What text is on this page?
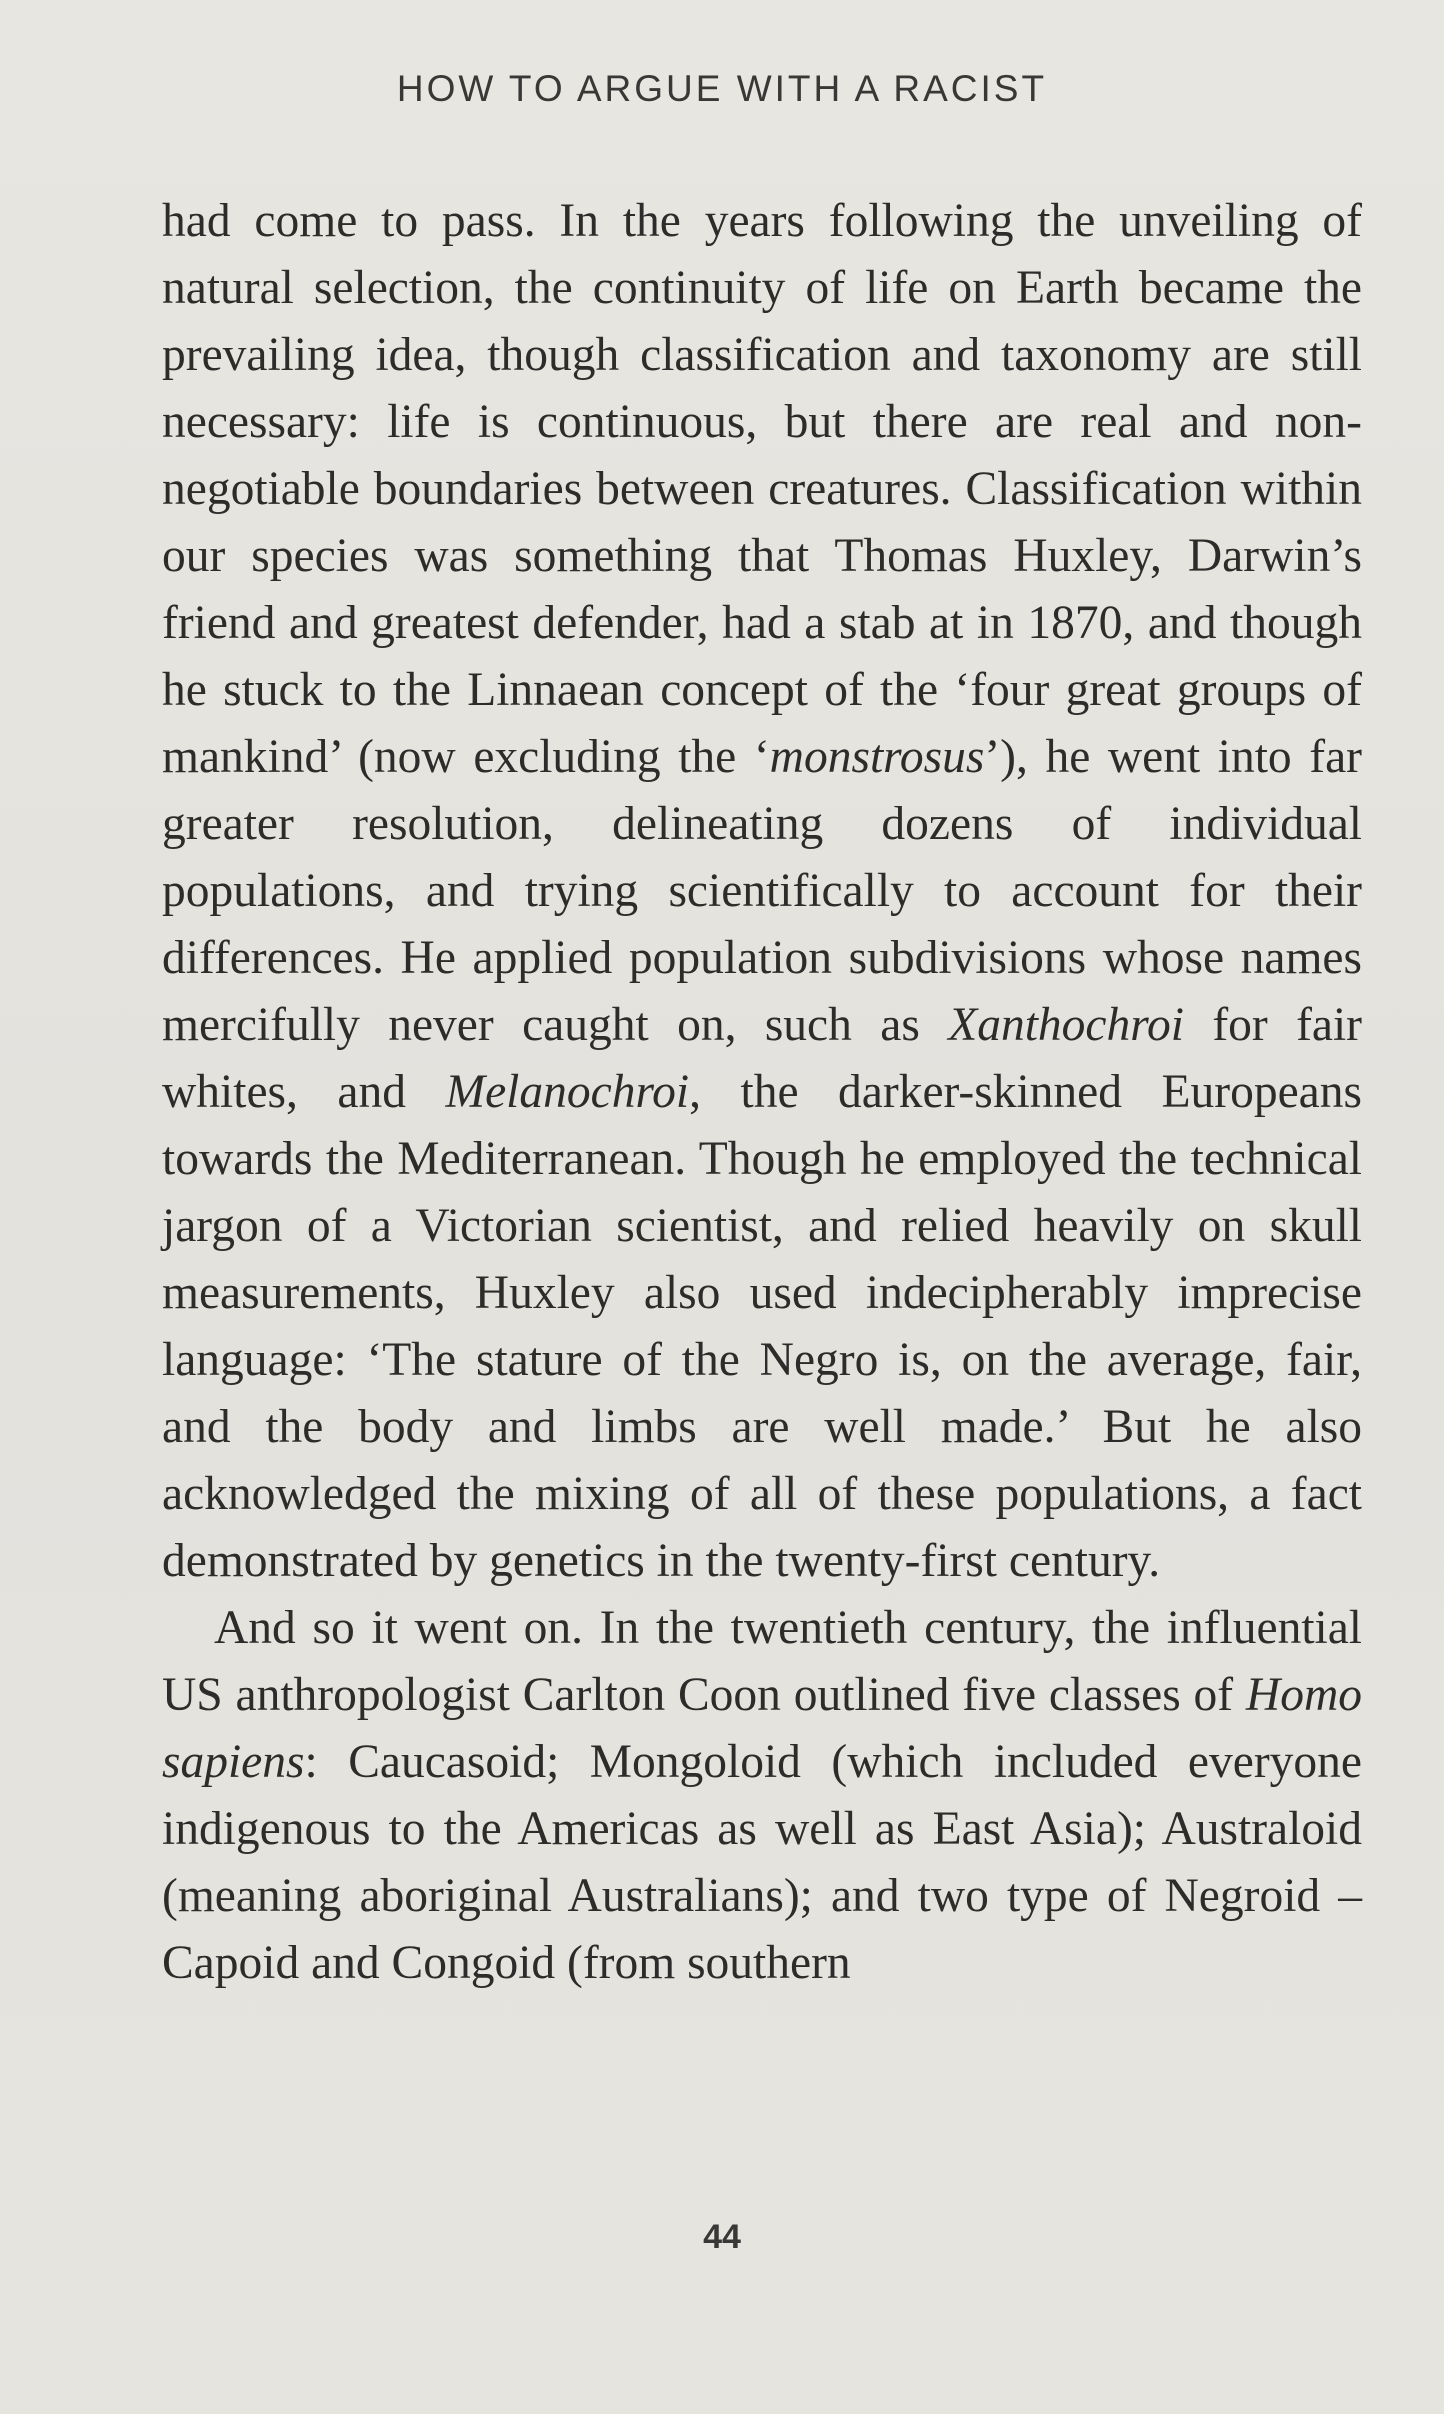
HOW TO ARGUE WITH A RACIST

had come to pass. In the years following the unveiling of natural selection, the continuity of life on Earth became the prevailing idea, though classification and taxonomy are still necessary: life is continuous, but there are real and non-negotiable boundaries between creatures. Classification within our species was something that Thomas Huxley, Darwin’s friend and greatest defender, had a stab at in 1870, and though he stuck to the Linnaean concept of the ‘four great groups of mankind’ (now excluding the ‘monstrosus’), he went into far greater resolution, delineating dozens of individual populations, and trying scientifically to account for their differences. He applied population subdivisions whose names mercifully never caught on, such as Xanthochroi for fair whites, and Melanochroi, the darker-skinned Europeans towards the Mediterranean. Though he employed the technical jargon of a Victorian scientist, and relied heavily on skull measurements, Huxley also used indecipherably imprecise language: ‘The stature of the Negro is, on the average, fair, and the body and limbs are well made.’ But he also acknowledged the mixing of all of these populations, a fact demonstrated by genetics in the twenty-first century.

And so it went on. In the twentieth century, the influential US anthropologist Carlton Coon outlined five classes of Homo sapiens: Caucasoid; Mongoloid (which included everyone indigenous to the Americas as well as East Asia); Australoid (meaning aboriginal Australians); and two type of Negroid – Capoid and Congoid (from southern

44
